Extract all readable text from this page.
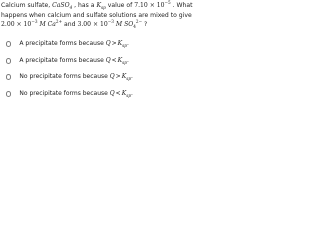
Calcium sulfate, CaSO$_4$ , has a $K_{sp}$ value of $7.10 \times 10^{-5}$ . What
happens when calcium and sulfate solutions are mixed to give
$2.00 \times 10^{-3}$ M $Ca^{2+}$ and $3.00 \times 10^{-3}$ M $SO_4^{2-}$ ?
A precipitate forms because $Q>K_{sp}$.
A precipitate forms because $Q<K_{sp}$.
No precipitate forms because $Q>K_{sp}$.
No precipitate forms because $Q<K_{sp}$.
